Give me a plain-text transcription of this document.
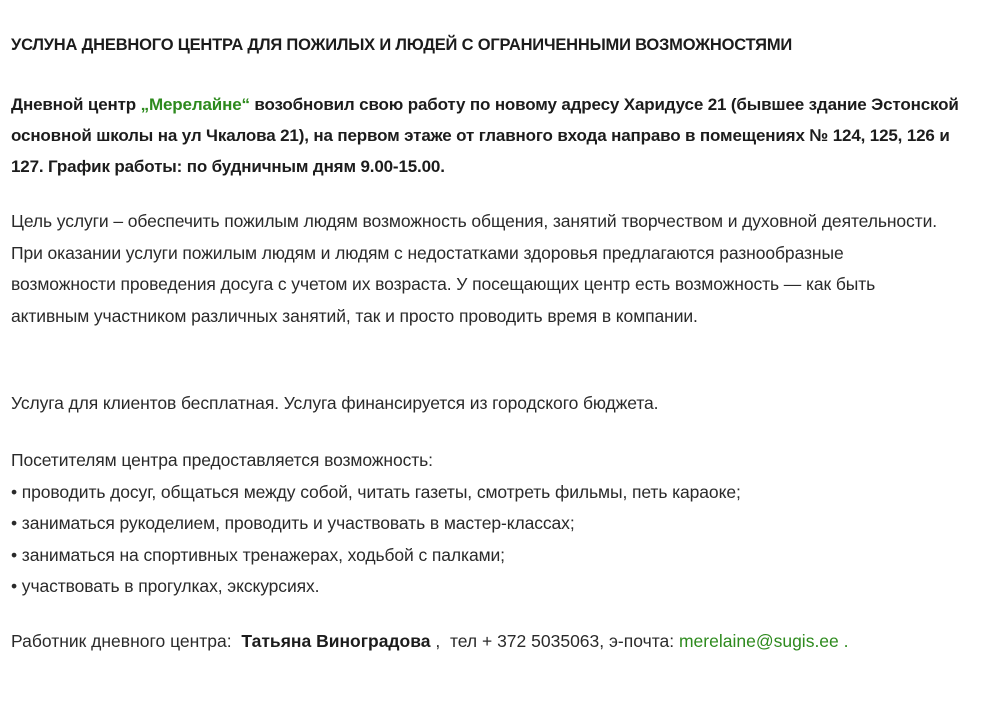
УСЛУНА ДНЕВНОГО ЦЕНТРА ДЛЯ ПОЖИЛЫХ И ЛЮДЕЙ С ОГРАНИЧЕННЫМИ ВОЗМОЖНОСТЯМИ

Дневной центр „Мерелайне“ возобновил свою работу по новому адресу Харидусе 21 (бывшее здание Эстонской основной школы на ул Чкалова 21), на первом этаже от главного входа направо в помещениях № 124, 125, 126 и 127. График работы: по будничным дням 9.00-15.00.

Цель услуги – обеспечить пожилым людям возможность общения, занятий творчеством и духовной деятельности. При оказании услуги пожилым людям и людям с недостатками здоровья предлагаются разнообразные возможности проведения досуга с учетом их возраста. У посещающих центр есть возможность — как быть активным участником различных занятий, так и просто проводить время в компании.

Услуга для клиентов бесплатная. Услуга финансируется из городского бюджета.

Посетителям центра предоставляется возможность:
• проводить досуг, общаться между собой, читать газеты, смотреть фильмы, петь караоке;
• заниматься рукоделием, проводить и участвовать в мастер-классах;
• заниматься на спортивных тренажерах, ходьбой с палками;
• участвовать в прогулках, экскурсиях.

Работник дневного центра: Татьяна Виноградова ,  тел + 372 5035063, э-почта: merelaine@sugis.ee .
